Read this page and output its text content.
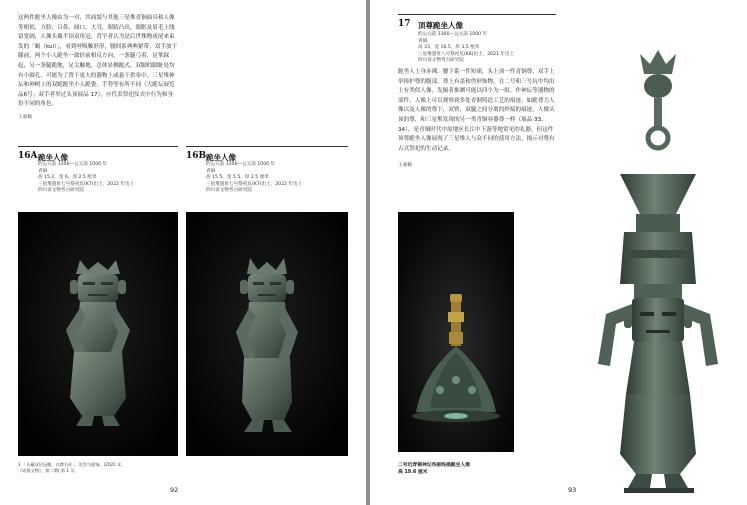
这两件跪坐人像由为一对，其面貌与其他三星堆青铜面具和人像等相似，方脸、吕鼻、阔口、大耳，眼睛凸出，眼眶及眉毛上线留宽阔，人像头戴半顶双角冠，背字者认为是后世殊物成尾来束发的「蝎（kui）」，看到呼吸触形形，腰间系典典紧带，双手放于膝前，两个小人跪坐一致倍前相反方向，一条腿弓着，足掌踩起，另一条腿跪地，足尖触地，总体显侧跪式，双脚的脚趾处均有小圆孔，可能为了置于更大的器物上或悬于供奉中，三星堆神坛和神树上的双跪跪坐小人跪姿，手势等有所不同（大跪坛展览品6号；双手者举过头顶展品 17），应代表祭祀仪式中行为和身份不同的角色。
王嘉佩
16A 跪坐人像
约公元前 1300—公元前 1000 年
青铜
高 15.2，宽 6，厚 2.5 厘米
三星堆遗址七号祭祀坑(K7)出土，2022 年出土
四川省文物考古研究院
16B 跪坐人像
约公元前 1300—公元前 1000 年
青铜
高 15.5，宽 5.5，厚 2.5 厘米
三星堆遗址七号祭祀坑(K7)出土，2022 年出土
四川省文物考古研究院
1 「头戴双层冠帽，衣襟右衽」，发型与服饰。(2021 年。
《成都文物》，第二期) 第 1 页。
92
17 顶尊跪坐人像
约公元前 1300—公元前 1000 年
青铜
高 33，宽 16.5，厚 3.5 厘米
三星堆遗址八号祭祀坑(K8)出土，2021 年出土
四川省文物考古研究院
跪坐人上身赤裸，腰下系一件短裙，头上顶一件青铜尊，双手上举捧护尊的腹部，尊上有盖和兽形饰物，在二号和三号坑中均出土有类似人像，发掘者推测可能以四个为一组，作神坛等器物的部件，人像上可以观察到多处青铜铸造工艺的痕迹，如跪尊力人像以及人像的尊下，双臂，双腿之间分离的焊接的痕迹，人像头顶的尊，和三星堆发现的另一类青铜容器尊一样（展品 33、34），是青铜时代中原地区长江中下游等地常见的礼器，但这件顶尊跪坐人像展现了三星堆人与众不同的使用方法，揭示对尊有古式祭祀的生动记录。
王嘉佩
二号坑青铜神坛残部线描跪坐人像
高 19.6 厘米
93
